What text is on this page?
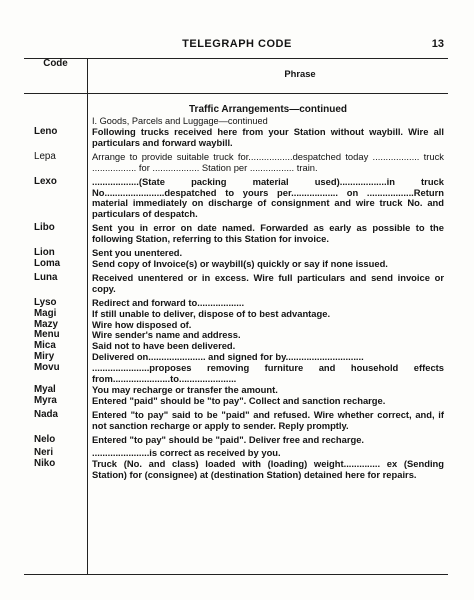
TELEGRAPH CODE	13
Code
Phrase
Traffic Arrangements—continued
I. Goods, Parcels and Luggage—continued
Leno	Following trucks received here from your Station without waybill. Wire all particulars and forward waybill.
Lepa	Arrange to provide suitable truck for.................despatched today .................. truck ................. for .................. Station per ................. train.
Lexo	..................(State packing material used)..................in truck No.......................despatched to yours per.................. on ..................Return material immediately on discharge of consignment and wire truck No. and particulars of despatch.
Libo	Sent you in error on date named. Forwarded as early as possible to the following Station, referring to this Station for invoice.
Lion	Sent you unentered.
Loma	Send copy of Invoice(s) or waybill(s) quickly or say if none issued.
Luna	Received unentered or in excess. Wire full particulars and send invoice or copy.
Lyso	Redirect and forward to..................
Magi	If still unable to deliver, dispose of to best advantage.
Mazy	Wire how disposed of.
Menu	Wire sender's name and address.
Mica	Said not to have been delivered.
Miry	Delivered on...................... and signed for by..............................
Movu	......................proposes removing furniture and household effects from......................to......................
Myal	You may recharge or transfer the amount.
Myra	Entered "paid" should be "to pay". Collect and sanction recharge.
Nada	Entered "to pay" said to be "paid" and refused. Wire whether correct, and, if not sanction recharge or apply to sender. Reply promptly.
Nelo	Entered "to pay" should be "paid". Deliver free and recharge.
Neri	......................is correct as received by you.
Niko	Truck (No. and class) loaded with (loading) weight.............. ex (Sending Station) for (consignee) at (destination Station) detained here for repairs.
